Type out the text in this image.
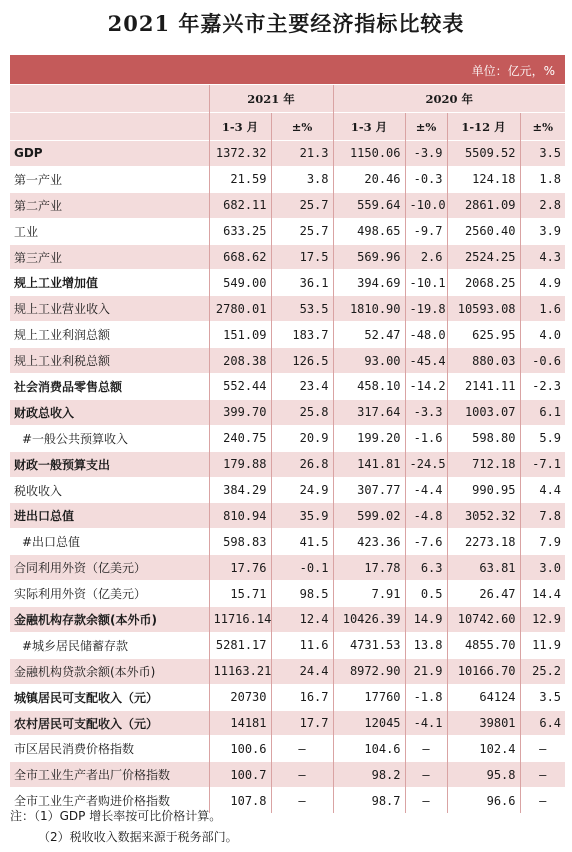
2021 年嘉兴市主要经济指标比较表
单位：亿元，%
	2021 年		2020 年			
	1-3 月	±%	1-3 月	±%	1-12 月	±%
GDP	1372.32	21.3	1150.06	-3.9	5509.52	3.5
第一产业	21.59	3.8	20.46	-0.3	124.18	1.8
第二产业	682.11	25.7	559.64	-10.0	2861.09	2.8
工业	633.25	25.7	498.65	-9.7	2560.40	3.9
第三产业	668.62	17.5	569.96	2.6	2524.25	4.3
规上工业增加值	549.00	36.1	394.69	-10.1	2068.25	4.9
规上工业营业收入	2780.01	53.5	1810.90	-19.8	10593.08	1.6
规上工业利润总额	151.09	183.7	52.47	-48.0	625.95	4.0
规上工业利税总额	208.38	126.5	93.00	-45.4	880.03	-0.6
社会消费品零售总额	552.44	23.4	458.10	-14.2	2141.11	-2.3
财政总收入	399.70	25.8	317.64	-3.3	1003.07	6.1
#一般公共预算收入	240.75	20.9	199.20	-1.6	598.80	5.9
财政一般预算支出	179.88	26.8	141.81	-24.5	712.18	-7.1
税收收入	384.29	24.9	307.77	-4.4	990.95	4.4
进出口总值	810.94	35.9	599.02	-4.8	3052.32	7.8
#出口总值	598.83	41.5	423.36	-7.6	2273.18	7.9
合同利用外资（亿美元）	17.76	-0.1	17.78	6.3	63.81	3.0
实际利用外资（亿美元）	15.71	98.5	7.91	0.5	26.47	14.4
金融机构存款余额(本外币)	11716.14	12.4	10426.39	14.9	10742.60	12.9
#城乡居民储蓄存款	5281.17	11.6	4731.53	13.8	4855.70	11.9
金融机构贷款余额(本外币)	11163.21	24.4	8972.90	21.9	10166.70	25.2
城镇居民可支配收入（元）	20730	16.7	17760	-1.8	64124	3.5
农村居民可支配收入（元）	14181	17.7	12045	-4.1	39801	6.4
市区居民消费价格指数	100.6	—	104.6	—	102.4	—
全市工业生产者出厂价格指数	100.7	—	98.2	—	95.8	—
全市工业生产者购进价格指数	107.8	—	98.7	—	96.6	—
注：（1）GDP 增长率按可比价格计算。
（2）税收收入数据来源于税务部门。
